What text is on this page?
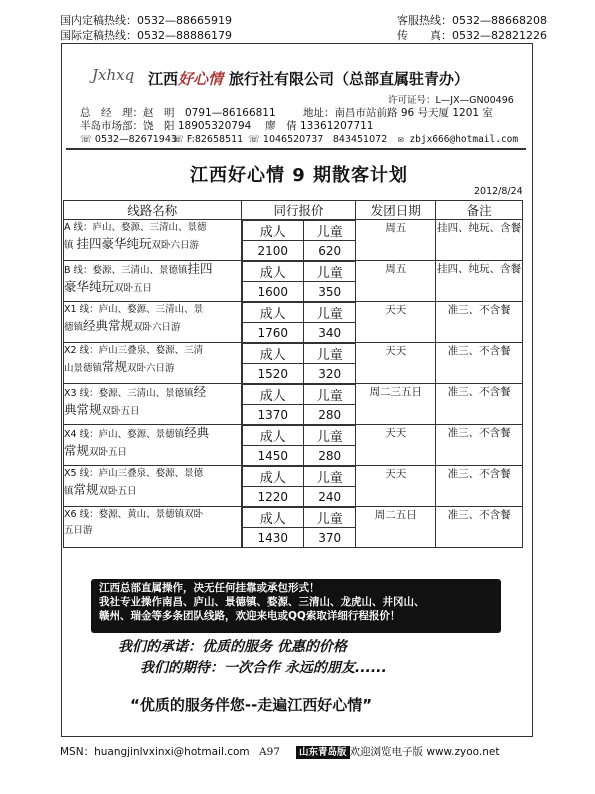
国内定稿热线：0532—88665919
国际定稿热线：0532—88886179
客服热线：0532—88668208
传　　真：0532—82821226
Jxhxq 江西好心情 旅行社有限公司（总部直属驻青办）
许可证号：L—JX—GN00496
总　经　理：赵　明　0791—86166811	地址：南昌市站前路 96 号天厦 1201 室
半岛市场部：饶　阳 18905320794　 廖　倩 13361207711
☏ 0532—82671943
☏ F:82658511 ☏ 1046520737　843451072 ✉ zbjx666@hotmail.com
江西好心情 9 期散客计划
2012/8/24
线路名称	同行报价	发团日期	备注

A 线：庐山、婺源、三清山、景德
镇 挂四豪华纯玩双卧六日游

成人	儿童
2100	620
	周五	挂四、纯玩、含餐

B 线：婺源、三清山、景德镇挂四
豪华纯玩双卧五日

成人	儿童
1600	350
	周五	挂四、纯玩、含餐

X1 线：庐山、婺源、三清山、景
德镇经典常规双卧六日游

成人	儿童
1760	340
	天天	准三、不含餐

X2 线：庐山三叠泉、婺源、三清
山景德镇常规双卧六日游

成人	儿童
1520	320
	天天	准三、不含餐

X3 线：婺源、三清山、景德镇经
典常规双卧五日

成人	儿童
1370	280
	周二三五日	准三、不含餐

X4 线：庐山、婺源、景德镇经典
常规双卧五日

成人	儿童
1450	280
	天天	准三、不含餐

X5 线：庐山三叠泉、婺源、景德
镇常规双卧五日

成人	儿童
1220	240
	天天	准三、不含餐

X6 线：婺源、黄山、景德镇双卧
五日游

成人	儿童
1430	370
	周二五日	准三、不含餐
江西总部直属操作，决无任何挂靠或承包形式！
我社专业操作南昌、庐山、景德镇、婺源、三清山、龙虎山、井冈山、
赣州、瑞金等多条团队线路，欢迎来电或QQ索取详细行程报价！
我们的承诺：优质的服务 优惠的价格
我们的期待：一次合作 永远的朋友......
“优质的服务伴您--走遍江西好心情”
MSN：huangjinlvxinxi@hotmail.com A97	山东青岛版 欢迎浏览电子版 www.zyoo.net
